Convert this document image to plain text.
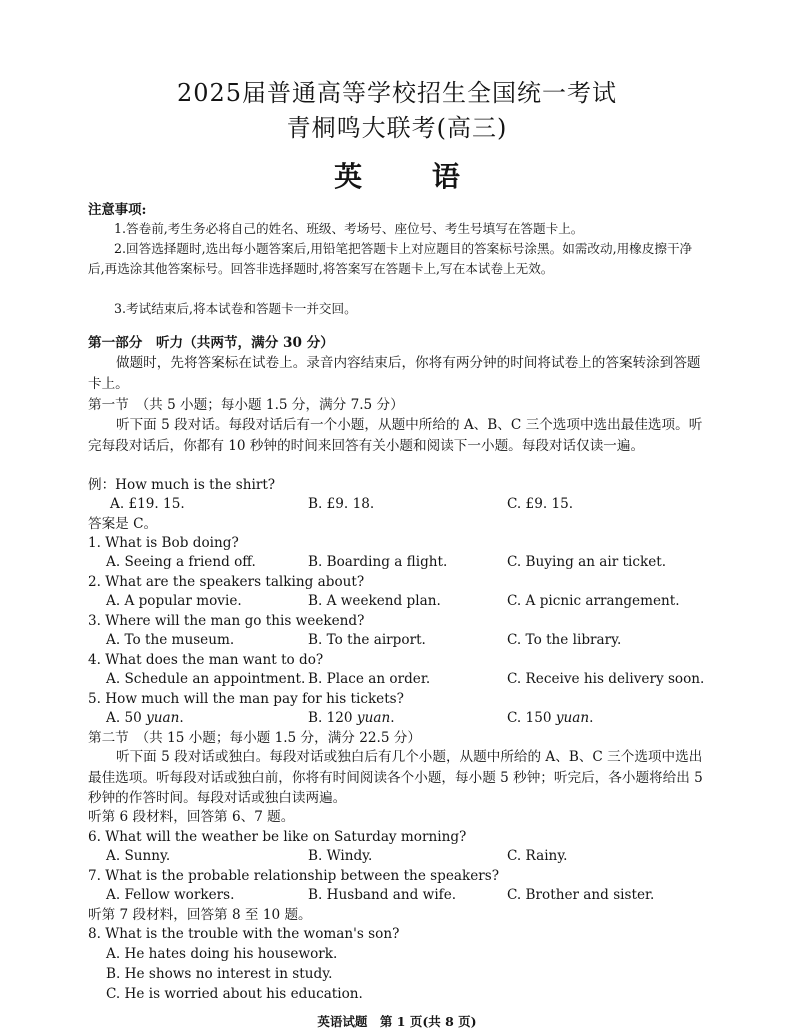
2025届普通高等学校招生全国统一考试
青桐鸣大联考(高三)
英 语
注意事项:
1.答卷前,考生务必将自己的姓名、班级、考场号、座位号、考生号填写在答题卡上。
2.回答选择题时,选出每小题答案后,用铅笔把答题卡上对应题目的答案标号涂黑。如需改动,用橡皮擦干净后,再选涂其他答案标号。回答非选择题时,将答案写在答题卡上,写在本试卷上无效。
3.考试结束后,将本试卷和答题卡一并交回。
第一部分　听力（共两节，满分 30 分）
做题时，先将答案标在试卷上。录音内容结束后，你将有两分钟的时间将试卷上的答案转涂到答题卡上。
第一节　（共 5 小题；每小题 1.5 分，满分 7.5 分）
听下面 5 段对话。每段对话后有一个小题，从题中所给的 A、B、C 三个选项中选出最佳选项。听完每段对话后，你都有 10 秒钟的时间来回答有关小题和阅读下一小题。每段对话仅读一遍。
例：How much is the shirt?
A. £19. 15.	B. £9. 18.	C. £9. 15.
答案是 C。
1. What is Bob doing?
A. Seeing a friend off.	B. Boarding a flight.	C. Buying an air ticket.
2. What are the speakers talking about?
A. A popular movie.	B. A weekend plan.	C. A picnic arrangement.
3. Where will the man go this weekend?
A. To the museum.	B. To the airport.	C. To the library.
4. What does the man want to do?
A. Schedule an appointment. B. Place an order.	C. Receive his delivery soon.
5. How much will the man pay for his tickets?
A. 50 yuan.	B. 120 yuan.	C. 150 yuan.
第二节　（共 15 小题；每小题 1.5 分，满分 22.5 分）
听下面 5 段对话或独白。每段对话或独白后有几个小题，从题中所给的 A、B、C 三个选项中选出最佳选项。听每段对话或独白前，你将有时间阅读各个小题，每小题 5 秒钟；听完后，各小题将给出 5 秒钟的作答时间。每段对话或独白读两遍。
听第 6 段材料，回答第 6、7 题。
6. What will the weather be like on Saturday morning?
A. Sunny.	B. Windy.	C. Rainy.
7. What is the probable relationship between the speakers?
A. Fellow workers.	B. Husband and wife.	C. Brother and sister.
听第 7 段材料，回答第 8 至 10 题。
8. What is the trouble with the woman's son?
A. He hates doing his housework.
B. He shows no interest in study.
C. He is worried about his education.
英语试题　第 1 页(共 8 页)
